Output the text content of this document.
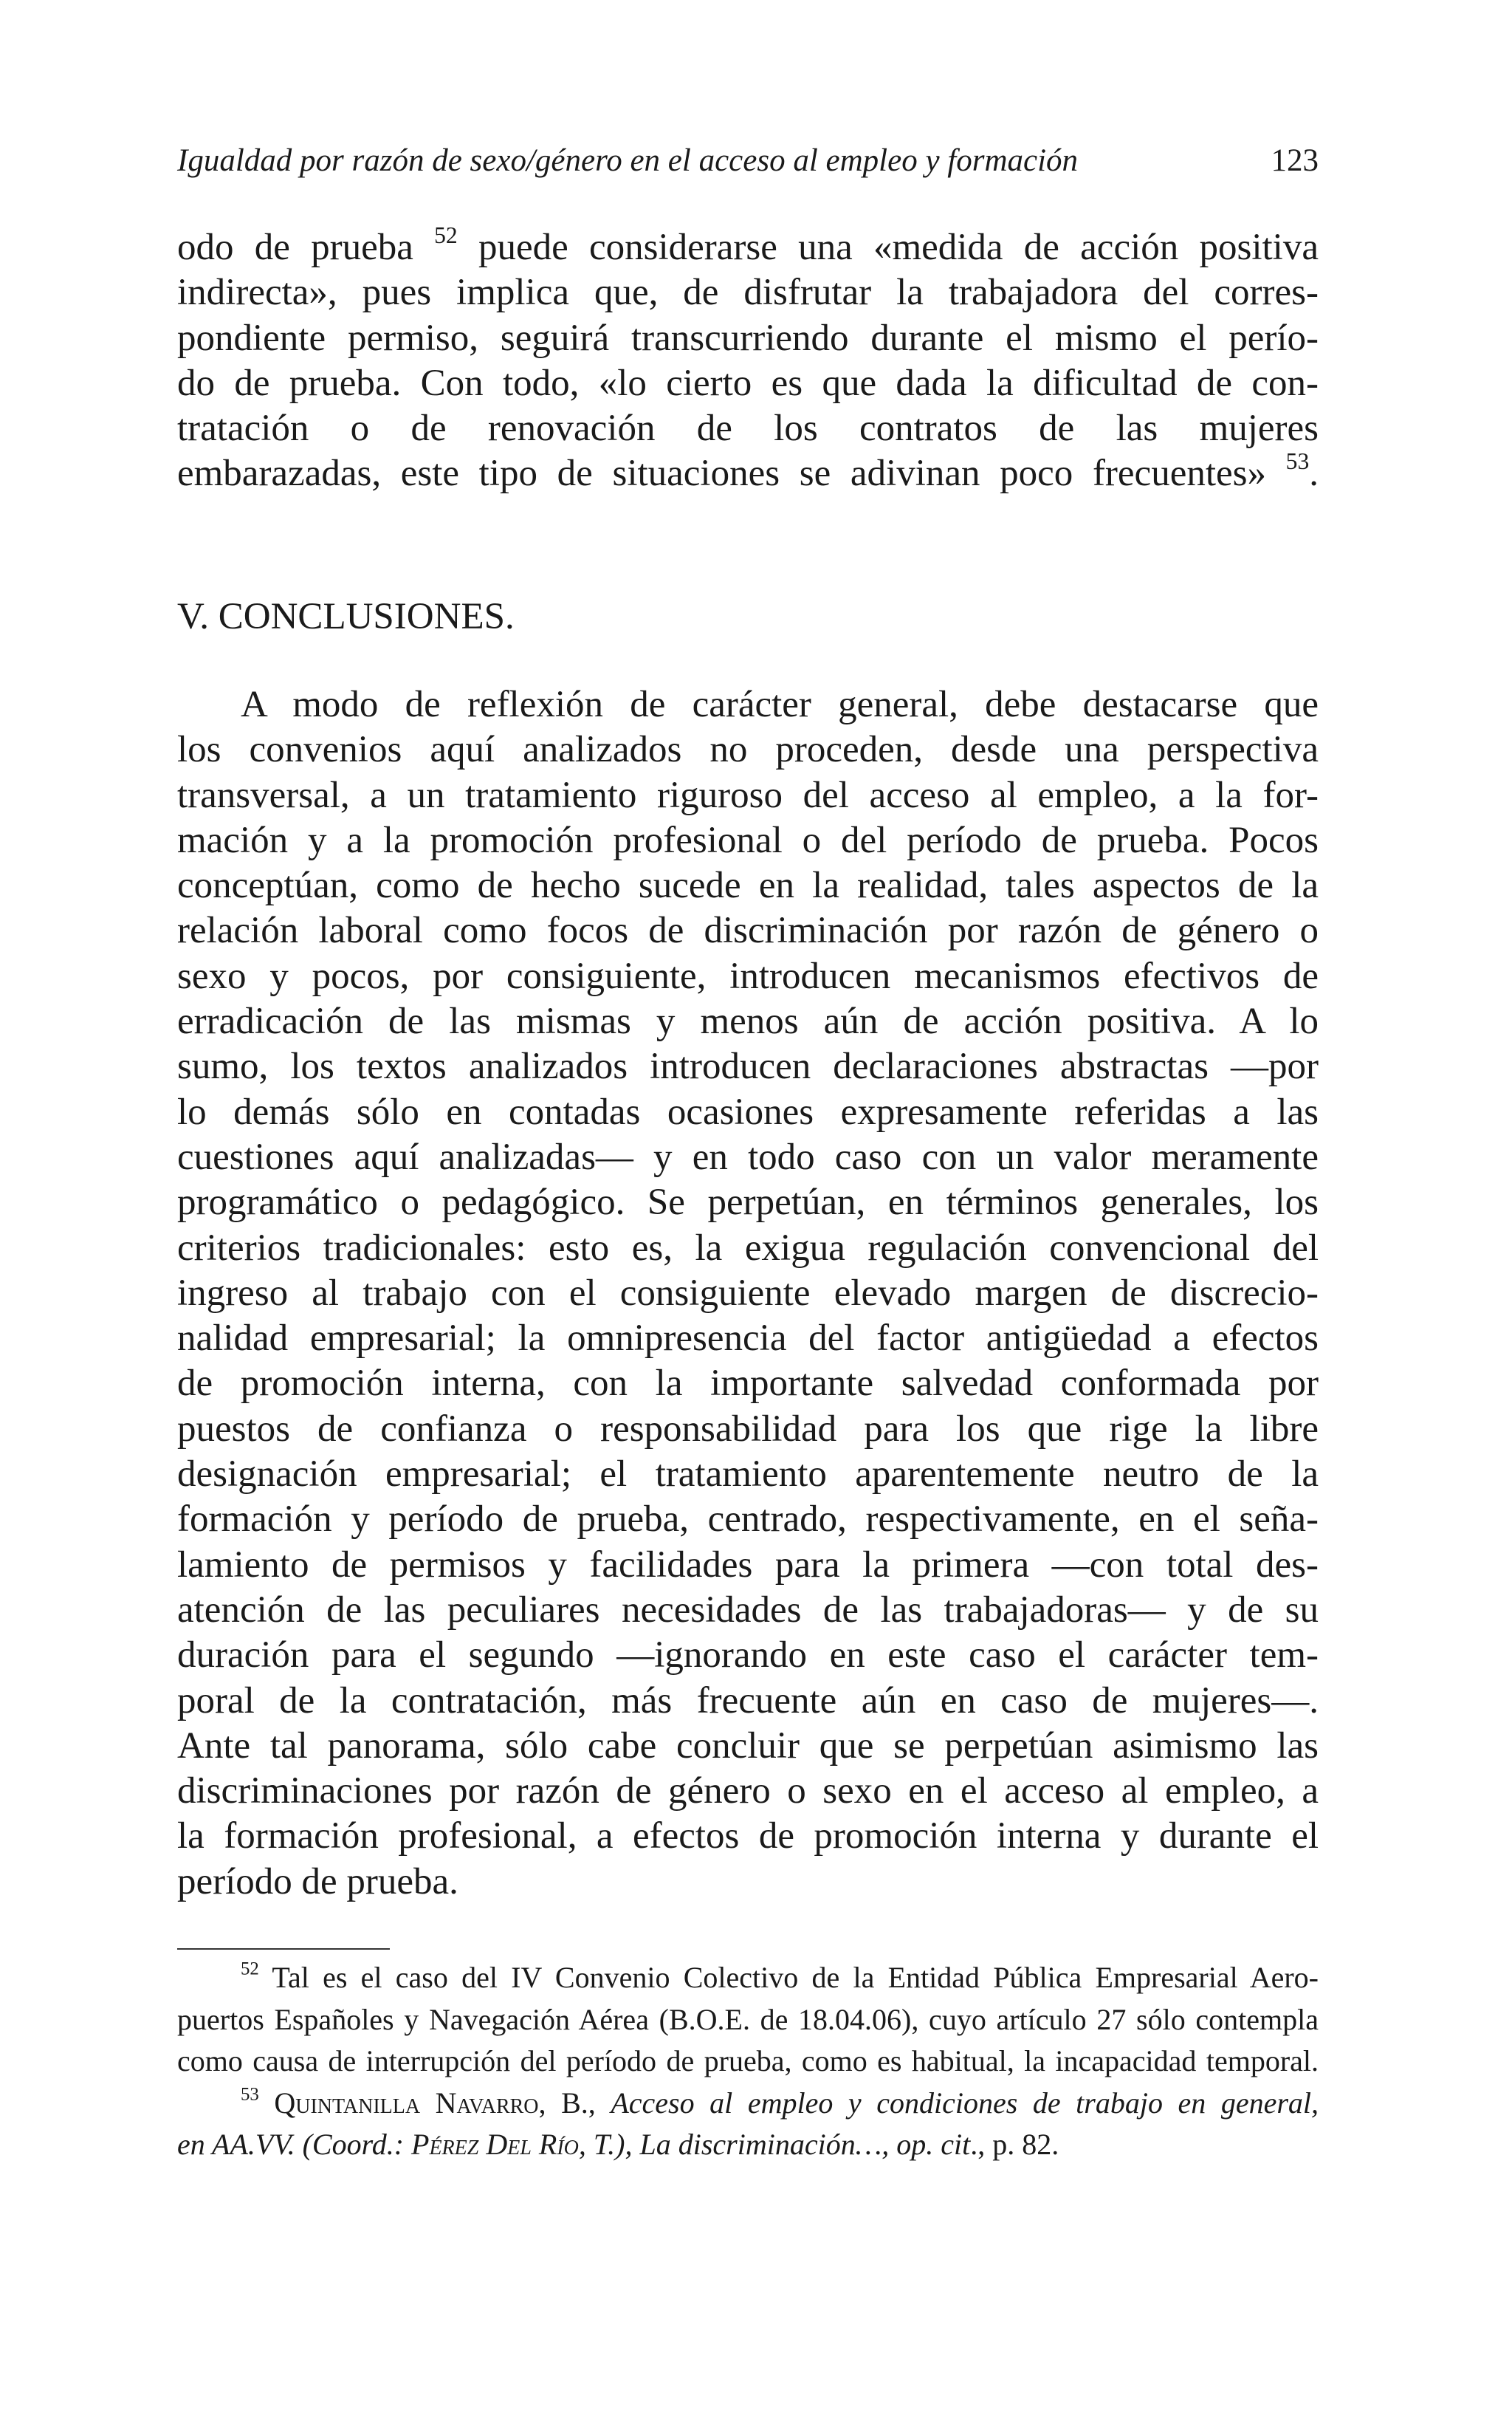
Igualdad por razón de sexo/género en el acceso al empleo y formación	123
odo de prueba $^{52}$ puede considerarse una «medida de acción positiva
indirecta», pues implica que, de disfrutar la trabajadora del corres-
pondiente permiso, seguirá transcurriendo durante el mismo el perío-
do de prueba. Con todo, «lo cierto es que dada la dificultad de con-
tratación o de renovación de los contratos de las mujeres
embarazadas, este tipo de situaciones se adivinan poco frecuentes» $^{53}$.
V. CONCLUSIONES.
A modo de reflexión de carácter general, debe destacarse que
los convenios aquí analizados no proceden, desde una perspectiva
transversal, a un tratamiento riguroso del acceso al empleo, a la for-
mación y a la promoción profesional o del período de prueba. Pocos
conceptúan, como de hecho sucede en la realidad, tales aspectos de la
relación laboral como focos de discriminación por razón de género o
sexo y pocos, por consiguiente, introducen mecanismos efectivos de
erradicación de las mismas y menos aún de acción positiva. A lo
sumo, los textos analizados introducen declaraciones abstractas —por
lo demás sólo en contadas ocasiones expresamente referidas a las
cuestiones aquí analizadas— y en todo caso con un valor meramente
programático o pedagógico. Se perpetúan, en términos generales, los
criterios tradicionales: esto es, la exigua regulación convencional del
ingreso al trabajo con el consiguiente elevado margen de discrecio-
nalidad empresarial; la omnipresencia del factor antigüedad a efectos
de promoción interna, con la importante salvedad conformada por
puestos de confianza o responsabilidad para los que rige la libre
designación empresarial; el tratamiento aparentemente neutro de la
formación y período de prueba, centrado, respectivamente, en el seña-
lamiento de permisos y facilidades para la primera —con total des-
atención de las peculiares necesidades de las trabajadoras— y de su
duración para el segundo —ignorando en este caso el carácter tem-
poral de la contratación, más frecuente aún en caso de mujeres—.
Ante tal panorama, sólo cabe concluir que se perpetúan asimismo las
discriminaciones por razón de género o sexo en el acceso al empleo, a
la formación profesional, a efectos de promoción interna y durante el
período de prueba.
$^{52}$ Tal es el caso del IV Convenio Colectivo de la Entidad Pública Empresarial Aero-
puertos Españoles y Navegación Aérea (B.O.E. de 18.04.06), cuyo artículo 27 sólo contempla
como causa de interrupción del período de prueba, como es habitual, la incapacidad temporal.
$^{53}$ Quintanilla Navarro, B., Acceso al empleo y condiciones de trabajo en general,
en AA.VV. (Coord.: Pérez Del Río, T.), La discriminación…, op. cit., p. 82.
